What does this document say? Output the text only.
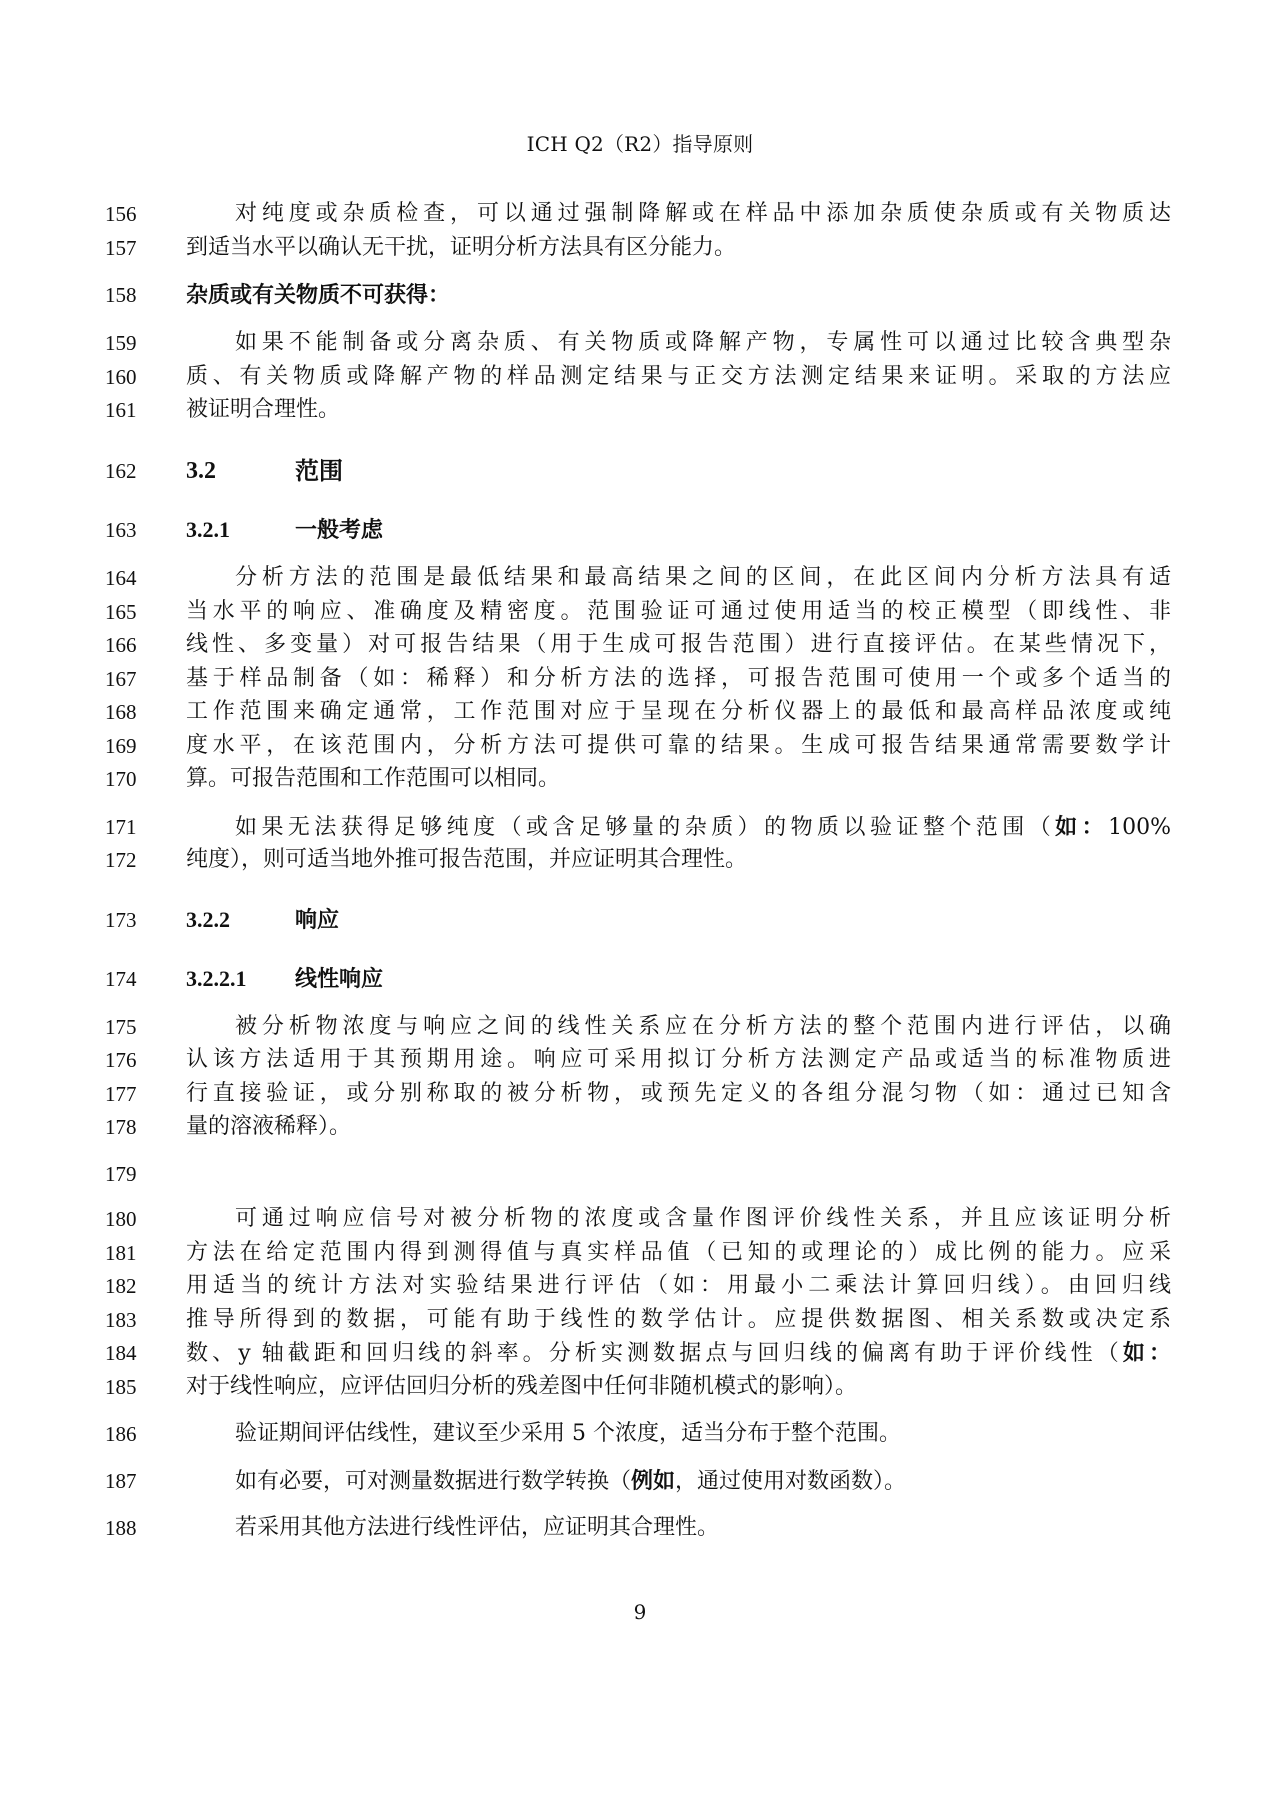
ICH Q2（R2）指导原则
156	对纯度或杂质检查，可以通过强制降解或在样品中添加杂质使杂质或有关物质达
157	到适当水平以确认无干扰，证明分析方法具有区分能力。
158	杂质或有关物质不可获得：
159	如果不能制备或分离杂质、有关物质或降解产物，专属性可以通过比较含典型杂
160	质、有关物质或降解产物的样品测定结果与正交方法测定结果来证明。采取的方法应
161	被证明合理性。
162	3.2	范围
163	3.2.1	一般考虑
164	分析方法的范围是最低结果和最高结果之间的区间，在此区间内分析方法具有适
165	当水平的响应、准确度及精密度。范围验证可通过使用适当的校正模型（即线性、非
166	线性、多变量）对可报告结果（用于生成可报告范围）进行直接评估。在某些情况下，
167	基于样品制备（如：稀释）和分析方法的选择，可报告范围可使用一个或多个适当的
168	工作范围来确定通常，工作范围对应于呈现在分析仪器上的最低和最高样品浓度或纯
169	度水平，在该范围内，分析方法可提供可靠的结果。生成可报告结果通常需要数学计
170	算。可报告范围和工作范围可以相同。
171	如果无法获得足够纯度（或含足够量的杂质）的物质以验证整个范围（如：100%
172	纯度），则可适当地外推可报告范围，并应证明其合理性。
173	3.2.2	响应
174	3.2.2.1 线性响应
175	被分析物浓度与响应之间的线性关系应在分析方法的整个范围内进行评估，以确
176	认该方法适用于其预期用途。响应可采用拟订分析方法测定产品或适当的标准物质进
177	行直接验证，或分别称取的被分析物，或预先定义的各组分混匀物（如：通过已知含
178	量的溶液稀释）。
179
180	可通过响应信号对被分析物的浓度或含量作图评价线性关系，并且应该证明分析
181	方法在给定范围内得到测得值与真实样品值（已知的或理论的）成比例的能力。应采
182	用适当的统计方法对实验结果进行评估（如：用最小二乘法计算回归线）。由回归线
183	推导所得到的数据，可能有助于线性的数学估计。应提供数据图、相关系数或决定系
184	数、y 轴截距和回归线的斜率。分析实测数据点与回归线的偏离有助于评价线性（如：
185	对于线性响应，应评估回归分析的残差图中任何非随机模式的影响）。
186	验证期间评估线性，建议至少采用 5 个浓度，适当分布于整个范围。
187	如有必要，可对测量数据进行数学转换（例如，通过使用对数函数）。
188	若采用其他方法进行线性评估，应证明其合理性。
9
